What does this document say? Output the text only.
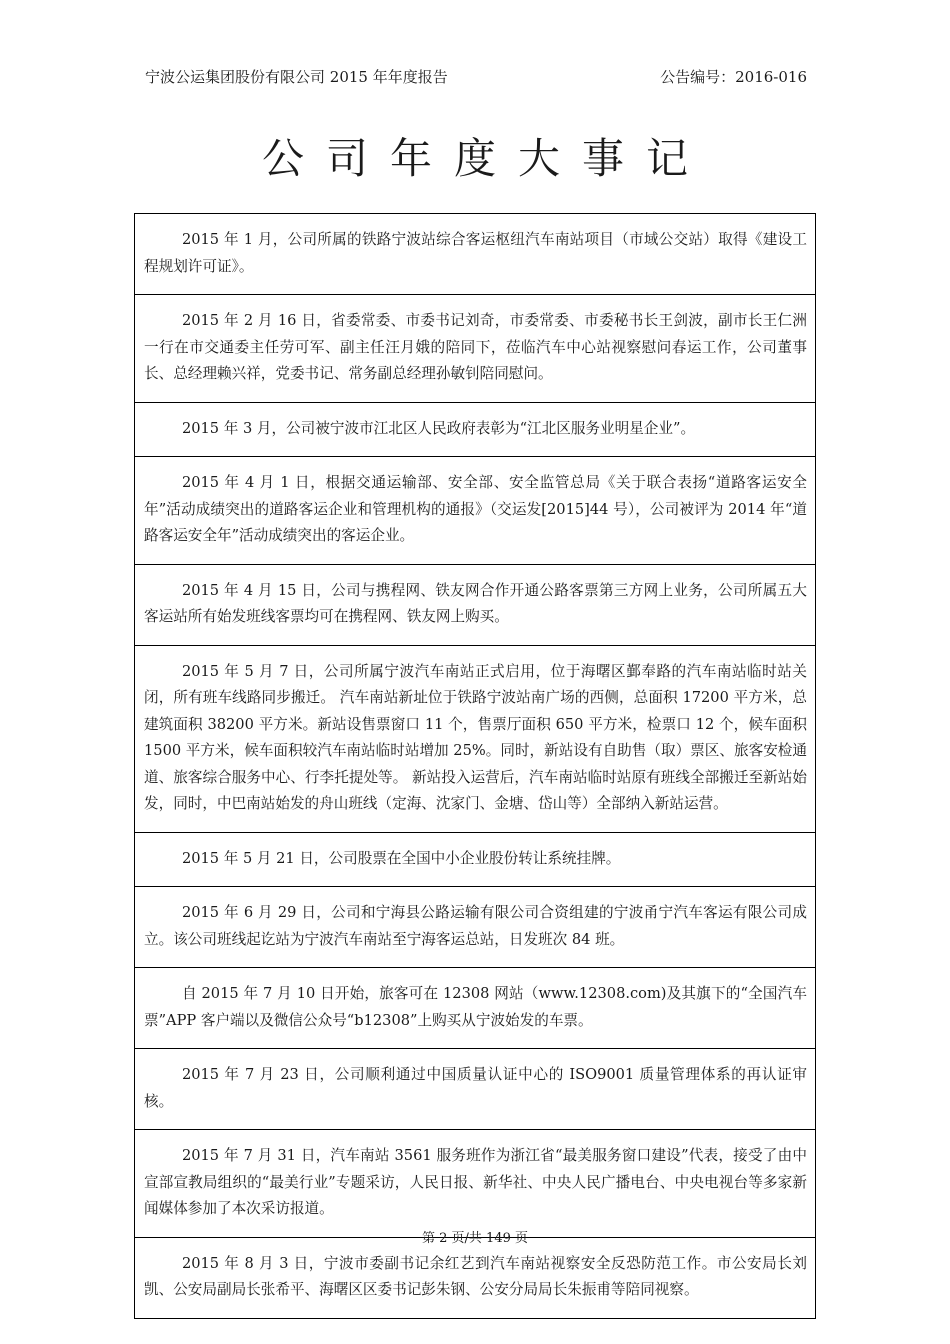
宁波公运集团股份有限公司 2015 年年度报告	公告编号：2016-016
公司年度大事记
2015 年 1 月，公司所属的铁路宁波站综合客运枢纽汽车南站项目（市域公交站）取得《建设工程规划许可证》。
2015 年 2 月 16 日，省委常委、市委书记刘奇，市委常委、市委秘书长王剑波，副市长王仁洲一行在市交通委主任劳可军、副主任汪月娥的陪同下，莅临汽车中心站视察慰问春运工作，公司董事长、总经理赖兴祥，党委书记、常务副总经理孙敏钊陪同慰问。
2015 年 3 月，公司被宁波市江北区人民政府表彰为“江北区服务业明星企业”。
2015 年 4 月 1 日，根据交通运输部、安全部、安全监管总局《关于联合表扬“道路客运安全年”活动成绩突出的道路客运企业和管理机构的通报》（交运发[2015]44 号），公司被评为 2014 年“道路客运安全年”活动成绩突出的客运企业。
2015 年 4 月 15 日，公司与携程网、铁友网合作开通公路客票第三方网上业务，公司所属五大客运站所有始发班线客票均可在携程网、铁友网上购买。
2015 年 5 月 7 日，公司所属宁波汽车南站正式启用，位于海曙区鄞奉路的汽车南站临时站关闭，所有班车线路同步搬迁。 汽车南站新址位于铁路宁波站南广场的西侧，总面积 17200 平方米，总建筑面积 38200 平方米。新站设售票窗口 11 个，售票厅面积 650 平方米，检票口 12 个，候车面积 1500 平方米，候车面积较汽车南站临时站增加 25%。同时，新站设有自助售（取）票区、旅客安检通道、旅客综合服务中心、行李托提处等。 新站投入运营后，汽车南站临时站原有班线全部搬迁至新站始发，同时，中巴南站始发的舟山班线（定海、沈家门、金塘、岱山等）全部纳入新站运营。
2015 年 5 月 21 日，公司股票在全国中小企业股份转让系统挂牌。
2015 年 6 月 29 日，公司和宁海县公路运输有限公司合资组建的宁波甬宁汽车客运有限公司成立。该公司班线起讫站为宁波汽车南站至宁海客运总站，日发班次 84 班。
自 2015 年 7 月 10 日开始，旅客可在 12308 网站（www.12308.com)及其旗下的“全国汽车票”APP 客户端以及微信公众号“b12308”上购买从宁波始发的车票。
2015 年 7 月 23 日，公司顺利通过中国质量认证中心的 ISO9001 质量管理体系的再认证审核。
2015 年 7 月 31 日，汽车南站 3561 服务班作为浙江省“最美服务窗口建设”代表，接受了由中宣部宣教局组织的“最美行业”专题采访，人民日报、新华社、中央人民广播电台、中央电视台等多家新闻媒体参加了本次采访报道。
2015 年 8 月 3 日，宁波市委副书记余红艺到汽车南站视察安全反恐防范工作。市公安局长刘凯、公安局副局长张希平、海曙区区委书记彭朱钢、公安分局局长朱振甫等陪同视察。
第 2 页/共 149 页
